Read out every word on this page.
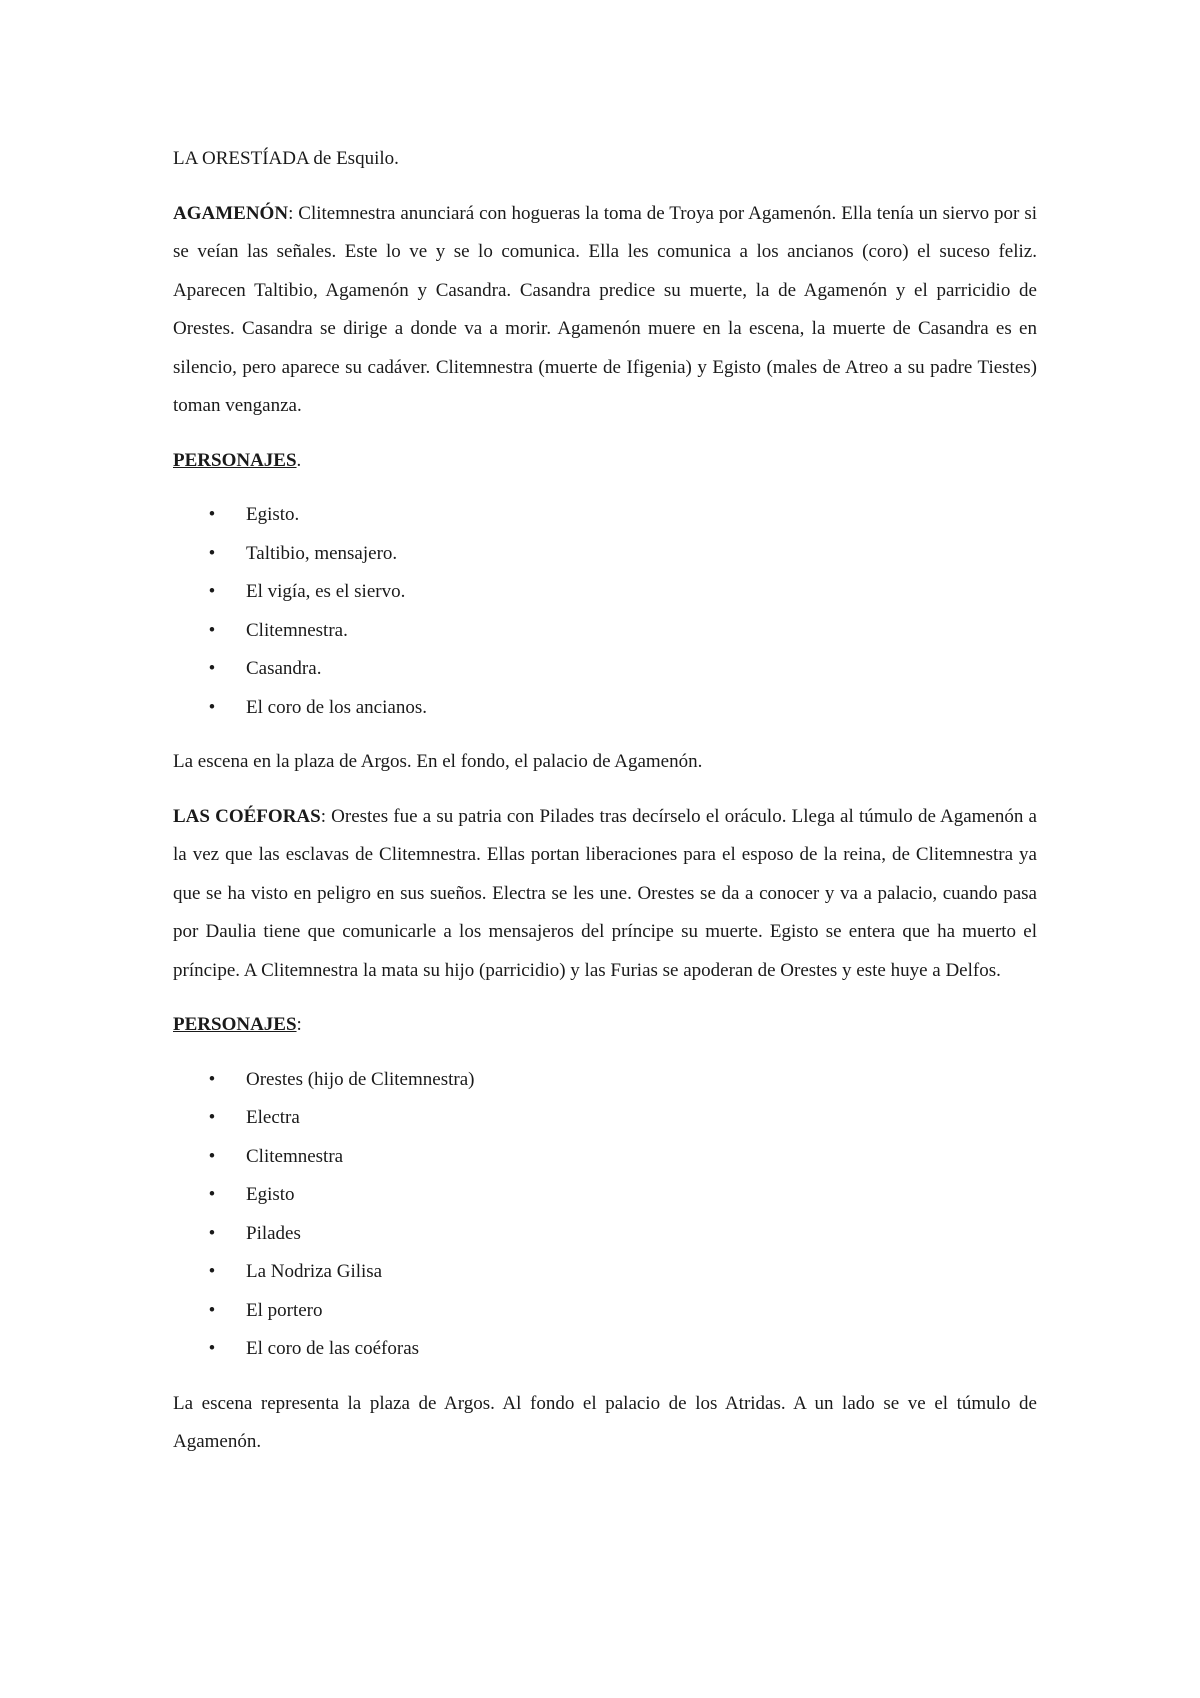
LA ORESTÍADA de Esquilo.

AGAMENÓN: Clitemnestra anunciará con hogueras la toma de Troya por Agamenón. Ella tenía un siervo por si se veían las señales. Este lo ve y se lo comunica. Ella les comunica a los ancianos (coro) el suceso feliz. Aparecen Taltibio, Agamenón y Casandra. Casandra predice su muerte, la de Agamenón y el parricidio de Orestes. Casandra se dirige a donde va a morir. Agamenón muere en la escena, la muerte de Casandra es en silencio, pero aparece su cadáver. Clitemnestra (muerte de Ifigenia) y Egisto (males de Atreo a su padre Tiestes) toman venganza.

PERSONAJES.

• Egisto.
• Taltibio, mensajero.
• El vigía, es el siervo.
• Clitemnestra.
• Casandra.
• El coro de los ancianos.

La escena en la plaza de Argos. En el fondo, el palacio de Agamenón.

LAS COÉFORAS: Orestes fue a su patria con Pilades tras decírselo el oráculo. Llega al túmulo de Agamenón a la vez que las esclavas de Clitemnestra. Ellas portan liberaciones para el esposo de la reina, de Clitemnestra ya que se ha visto en peligro en sus sueños. Electra se les une. Orestes se da a conocer y va a palacio, cuando pasa por Daulia tiene que comunicarle a los mensajeros del príncipe su muerte. Egisto se entera que ha muerto el príncipe. A Clitemnestra la mata su hijo (parricidio) y las Furias se apoderan de Orestes y este huye a Delfos.

PERSONAJES:

• Orestes (hijo de Clitemnestra)
• Electra
• Clitemnestra
• Egisto
• Pilades
• La Nodriza Gilisa
• El portero
• El coro de las coéforas

La escena representa la plaza de Argos. Al fondo el palacio de los Atridas. A un lado se ve el túmulo de Agamenón.
